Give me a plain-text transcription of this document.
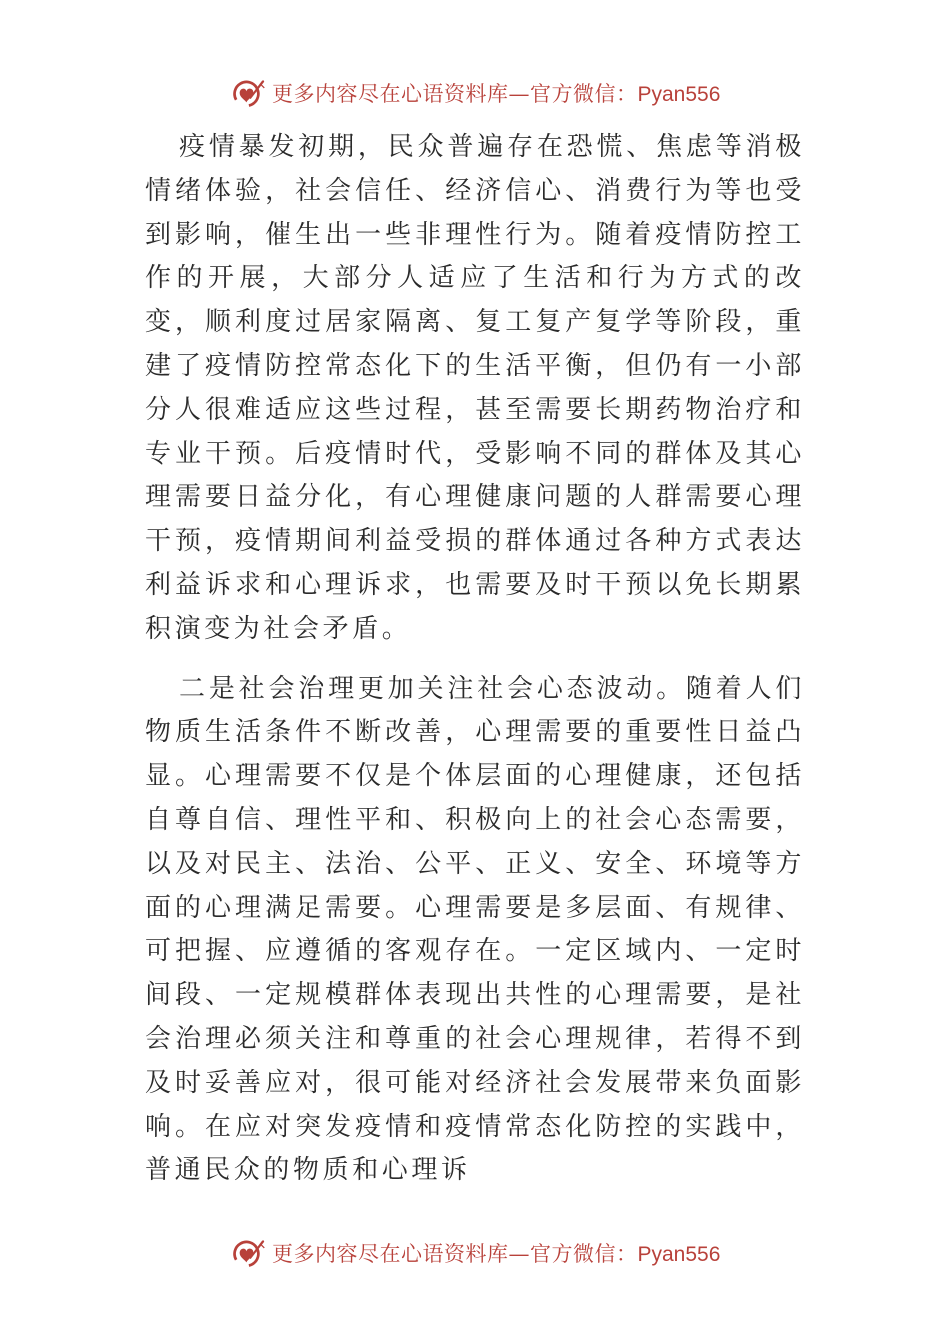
更多内容尽在心语资料库—官方微信：Pyan556

疫情暴发初期，民众普遍存在恐慌、焦虑等消极情绪体验，社会信任、经济信心、消费行为等也受到影响，催生出一些非理性行为。随着疫情防控工作的开展，大部分人适应了生活和行为方式的改变，顺利度过居家隔离、复工复产复学等阶段，重建了疫情防控常态化下的生活平衡，但仍有一小部分人很难适应这些过程，甚至需要长期药物治疗和专业干预。后疫情时代，受影响不同的群体及其心理需要日益分化，有心理健康问题的人群需要心理干预，疫情期间利益受损的群体通过各种方式表达利益诉求和心理诉求，也需要及时干预以免长期累积演变为社会矛盾。

二是社会治理更加关注社会心态波动。随着人们物质生活条件不断改善，心理需要的重要性日益凸显。心理需要不仅是个体层面的心理健康，还包括自尊自信、理性平和、积极向上的社会心态需要，以及对民主、法治、公平、正义、安全、环境等方面的心理满足需要。心理需要是多层面、有规律、可把握、应遵循的客观存在。一定区域内、一定时间段、一定规模群体表现出共性的心理需要，是社会治理必须关注和尊重的社会心理规律，若得不到及时妥善应对，很可能对经济社会发展带来负面影响。在应对突发疫情和疫情常态化防控的实践中，普通民众的物质和心理诉

更多内容尽在心语资料库—官方微信：Pyan556
